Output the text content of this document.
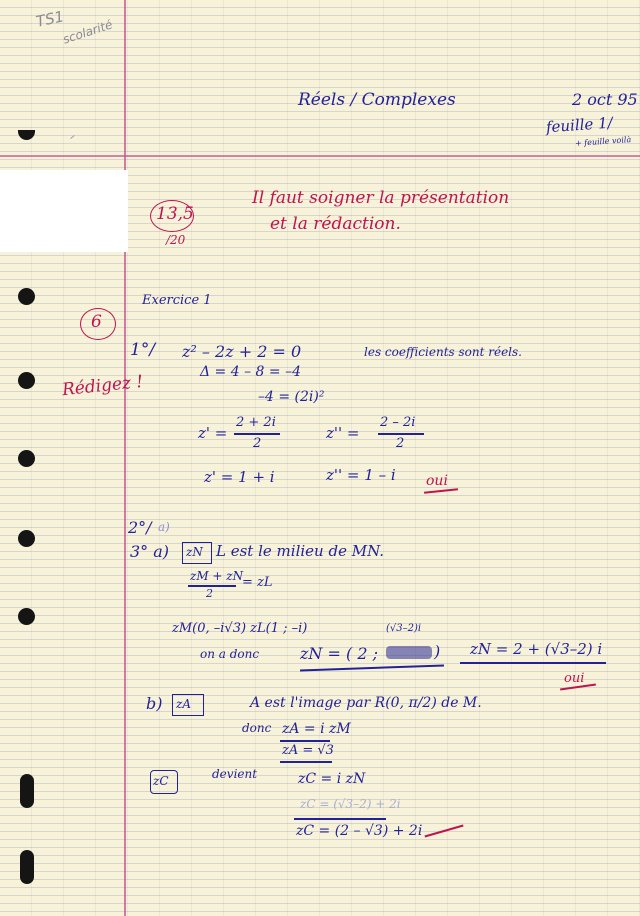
TS1
scolarité
Réels / Complexes	2 oct 95
feuille 1/
+ feuille voilà
⸝
13,5
/20
Il faut soigner la présentation
et la rédaction.
Exercice 1
6
Rédigez !
1°/ z² – 2z + 2 = 0	les coefficients sont réels.
Δ = 4 – 8 = –4
–4 = (2i)²
z' =
2 + 2i
2
z'' =
2 – 2i
2
z' = 1 + i	z'' = 1 – i oui
2°/ a)
3° a) zN L est le milieu de MN.
zM + zN
2
= zL
zM(0, –i√3) zL(1 ; –i)
on a donc	zN = ( 2 ;
(√3–2)i
) zN = 2 + (√3–2) i
oui
b) zA	A est l'image par R(0, π/2) de M.
donc zA = i zM
zA = √3
zC	devient	zC = i zN
zC = (√3–2) + 2i
zC = (2 – √3) + 2i
